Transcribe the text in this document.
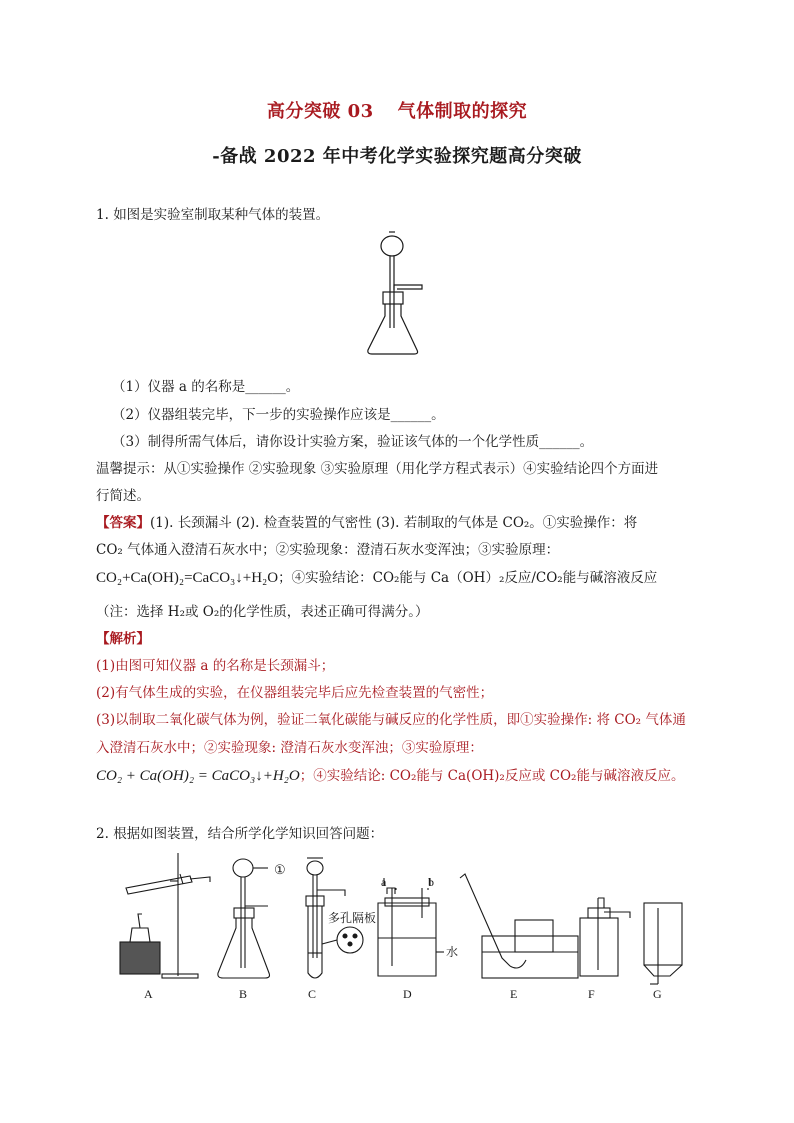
高分突破 03 气体制取的探究
-备战 2022 年中考化学实验探究题高分突破
1. 如图是实验室制取某种气体的装置。
（1）仪器 a 的名称是______。
（2）仪器组装完毕，下一步的实验操作应该是______。
（3）制得所需气体后，请你设计实验方案，验证该气体的一个化学性质______。
温馨提示：从①实验操作 ②实验现象 ③实验原理（用化学方程式表示）④实验结论四个方面进
行简述。
【答案】(1). 长颈漏斗 (2). 检查装置的气密性 (3). 若制取的气体是 CO₂。①实验操作：将
CO₂ 气体通入澄清石灰水中；②实验现象：澄清石灰水变浑浊；③实验原理：
CO₂+Ca(OH)₂=CaCO₃↓+H₂O；④实验结论：CO₂能与 Ca（OH）₂反应/CO₂能与碱溶液反应
（注：选择 H₂或 O₂的化学性质，表述正确可得满分。）
【解析】
(1)由图可知仪器 a 的名称是长颈漏斗；
(2)有气体生成的实验，在仪器组装完毕后应先检查装置的气密性；
(3)以制取二氧化碳气体为例，验证二氧化碳能与碱反应的化学性质，即①实验操作: 将 CO₂ 气体通
入澄清石灰水中；②实验现象: 澄清石灰水变浑浊；③实验原理：
CO₂ + Ca(OH)₂ = CaCO₃↓+H₂O；④实验结论: CO₂能与 Ca(OH)₂反应或 CO₂能与碱溶液反应。
2. 根据如图装置，结合所学化学知识回答问题：
A	B	C	D	E	F	G
①
多孔隔板
a	b
水
